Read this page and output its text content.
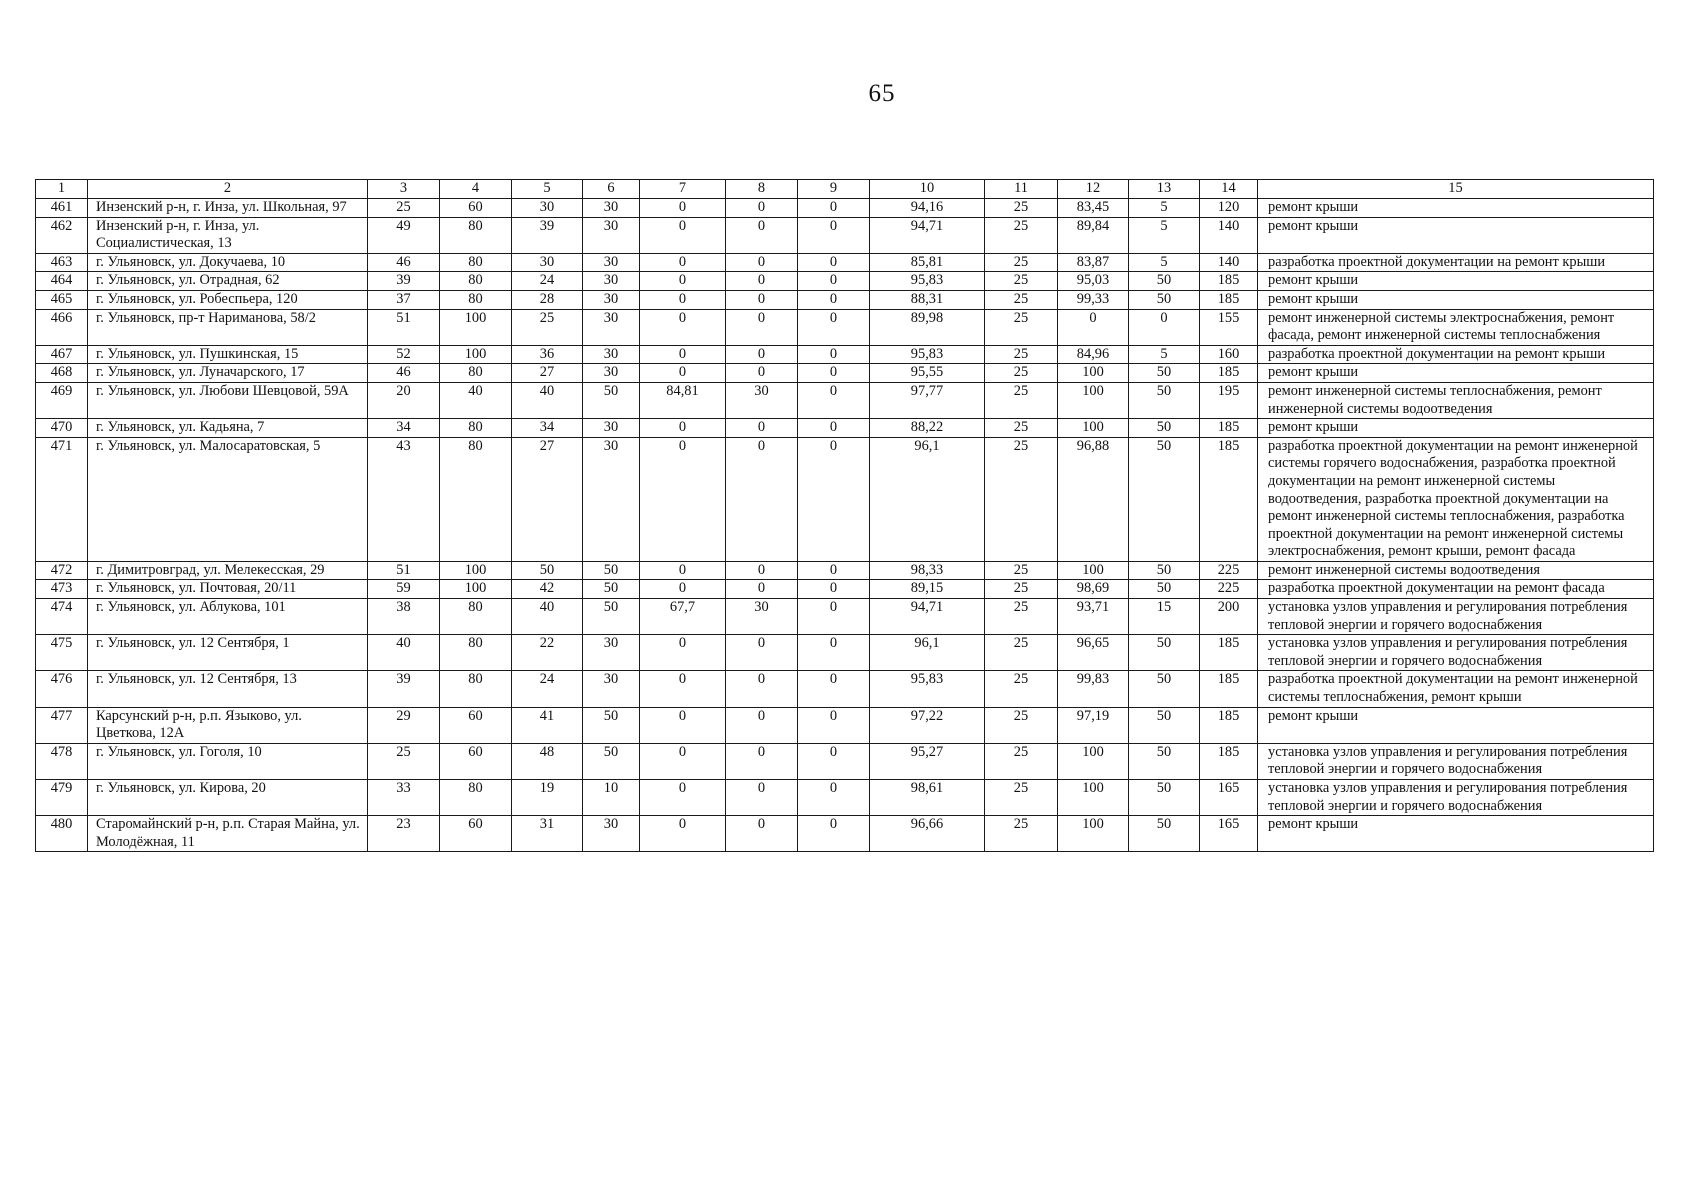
65
1	2	3	4	5	6	7	8	9	10	11	12	13	14	15
461	Инзенский р-н, г. Инза, ул. Школьная, 97	25	60	30	30	0	0	0	94,16	25	83,45	5	120	ремонт крыши
462	Инзенский р-н, г. Инза, ул. Социалистическая, 13	49	80	39	30	0	0	0	94,71	25	89,84	5	140	ремонт крыши
463	г. Ульяновск, ул. Докучаева, 10	46	80	30	30	0	0	0	85,81	25	83,87	5	140	разработка проектной документации на ремонт крыши
464	г. Ульяновск, ул. Отрадная, 62	39	80	24	30	0	0	0	95,83	25	95,03	50	185	ремонт крыши
465	г. Ульяновск, ул. Робеспьера, 120	37	80	28	30	0	0	0	88,31	25	99,33	50	185	ремонт крыши
466	г. Ульяновск, пр-т Нариманова, 58/2	51	100	25	30	0	0	0	89,98	25	0	0	155	ремонт инженерной системы электроснабжения, ремонт фасада, ремонт инженерной системы теплоснабжения
467	г. Ульяновск, ул. Пушкинская, 15	52	100	36	30	0	0	0	95,83	25	84,96	5	160	разработка проектной документации на ремонт крыши
468	г. Ульяновск, ул. Луначарского, 17	46	80	27	30	0	0	0	95,55	25	100	50	185	ремонт крыши
469	г. Ульяновск, ул. Любови Шевцовой, 59А	20	40	40	50	84,81	30	0	97,77	25	100	50	195	ремонт инженерной системы теплоснабжения, ремонт инженерной системы водоотведения
470	г. Ульяновск, ул. Кадьяна, 7	34	80	34	30	0	0	0	88,22	25	100	50	185	ремонт крыши
471	г. Ульяновск, ул. Малосаратовская, 5	43	80	27	30	0	0	0	96,1	25	96,88	50	185	разработка проектной документации на ремонт инженерной системы горячего водоснабжения, разработка проектной документации на ремонт инженерной системы водоотведения, разработка проектной документации на ремонт инженерной системы теплоснабжения, разработка проектной документации на ремонт инженерной системы электроснабжения, ремонт крыши, ремонт фасада
472	г. Димитровград, ул. Мелекесская, 29	51	100	50	50	0	0	0	98,33	25	100	50	225	ремонт инженерной системы водоотведения
473	г. Ульяновск, ул. Почтовая, 20/11	59	100	42	50	0	0	0	89,15	25	98,69	50	225	разработка проектной документации на ремонт фасада
474	г. Ульяновск, ул. Аблукова, 101	38	80	40	50	67,7	30	0	94,71	25	93,71	15	200	установка узлов управления и регулирования потребления тепловой энергии и горячего водоснабжения
475	г. Ульяновск, ул. 12 Сентября, 1	40	80	22	30	0	0	0	96,1	25	96,65	50	185	установка узлов управления и регулирования потребления тепловой энергии и горячего водоснабжения
476	г. Ульяновск, ул. 12 Сентября, 13	39	80	24	30	0	0	0	95,83	25	99,83	50	185	разработка проектной документации на ремонт инженерной системы теплоснабжения, ремонт крыши
477	Карсунский р-н, р.п. Языково, ул. Цветкова, 12А	29	60	41	50	0	0	0	97,22	25	97,19	50	185	ремонт крыши
478	г. Ульяновск, ул. Гоголя, 10	25	60	48	50	0	0	0	95,27	25	100	50	185	установка узлов управления и регулирования потребления тепловой энергии и горячего водоснабжения
479	г. Ульяновск, ул. Кирова, 20	33	80	19	10	0	0	0	98,61	25	100	50	165	установка узлов управления и регулирования потребления тепловой энергии и горячего водоснабжения
480	Старомайнский р-н, р.п. Старая Майна, ул. Молодёжная, 11	23	60	31	30	0	0	0	96,66	25	100	50	165	ремонт крыши
